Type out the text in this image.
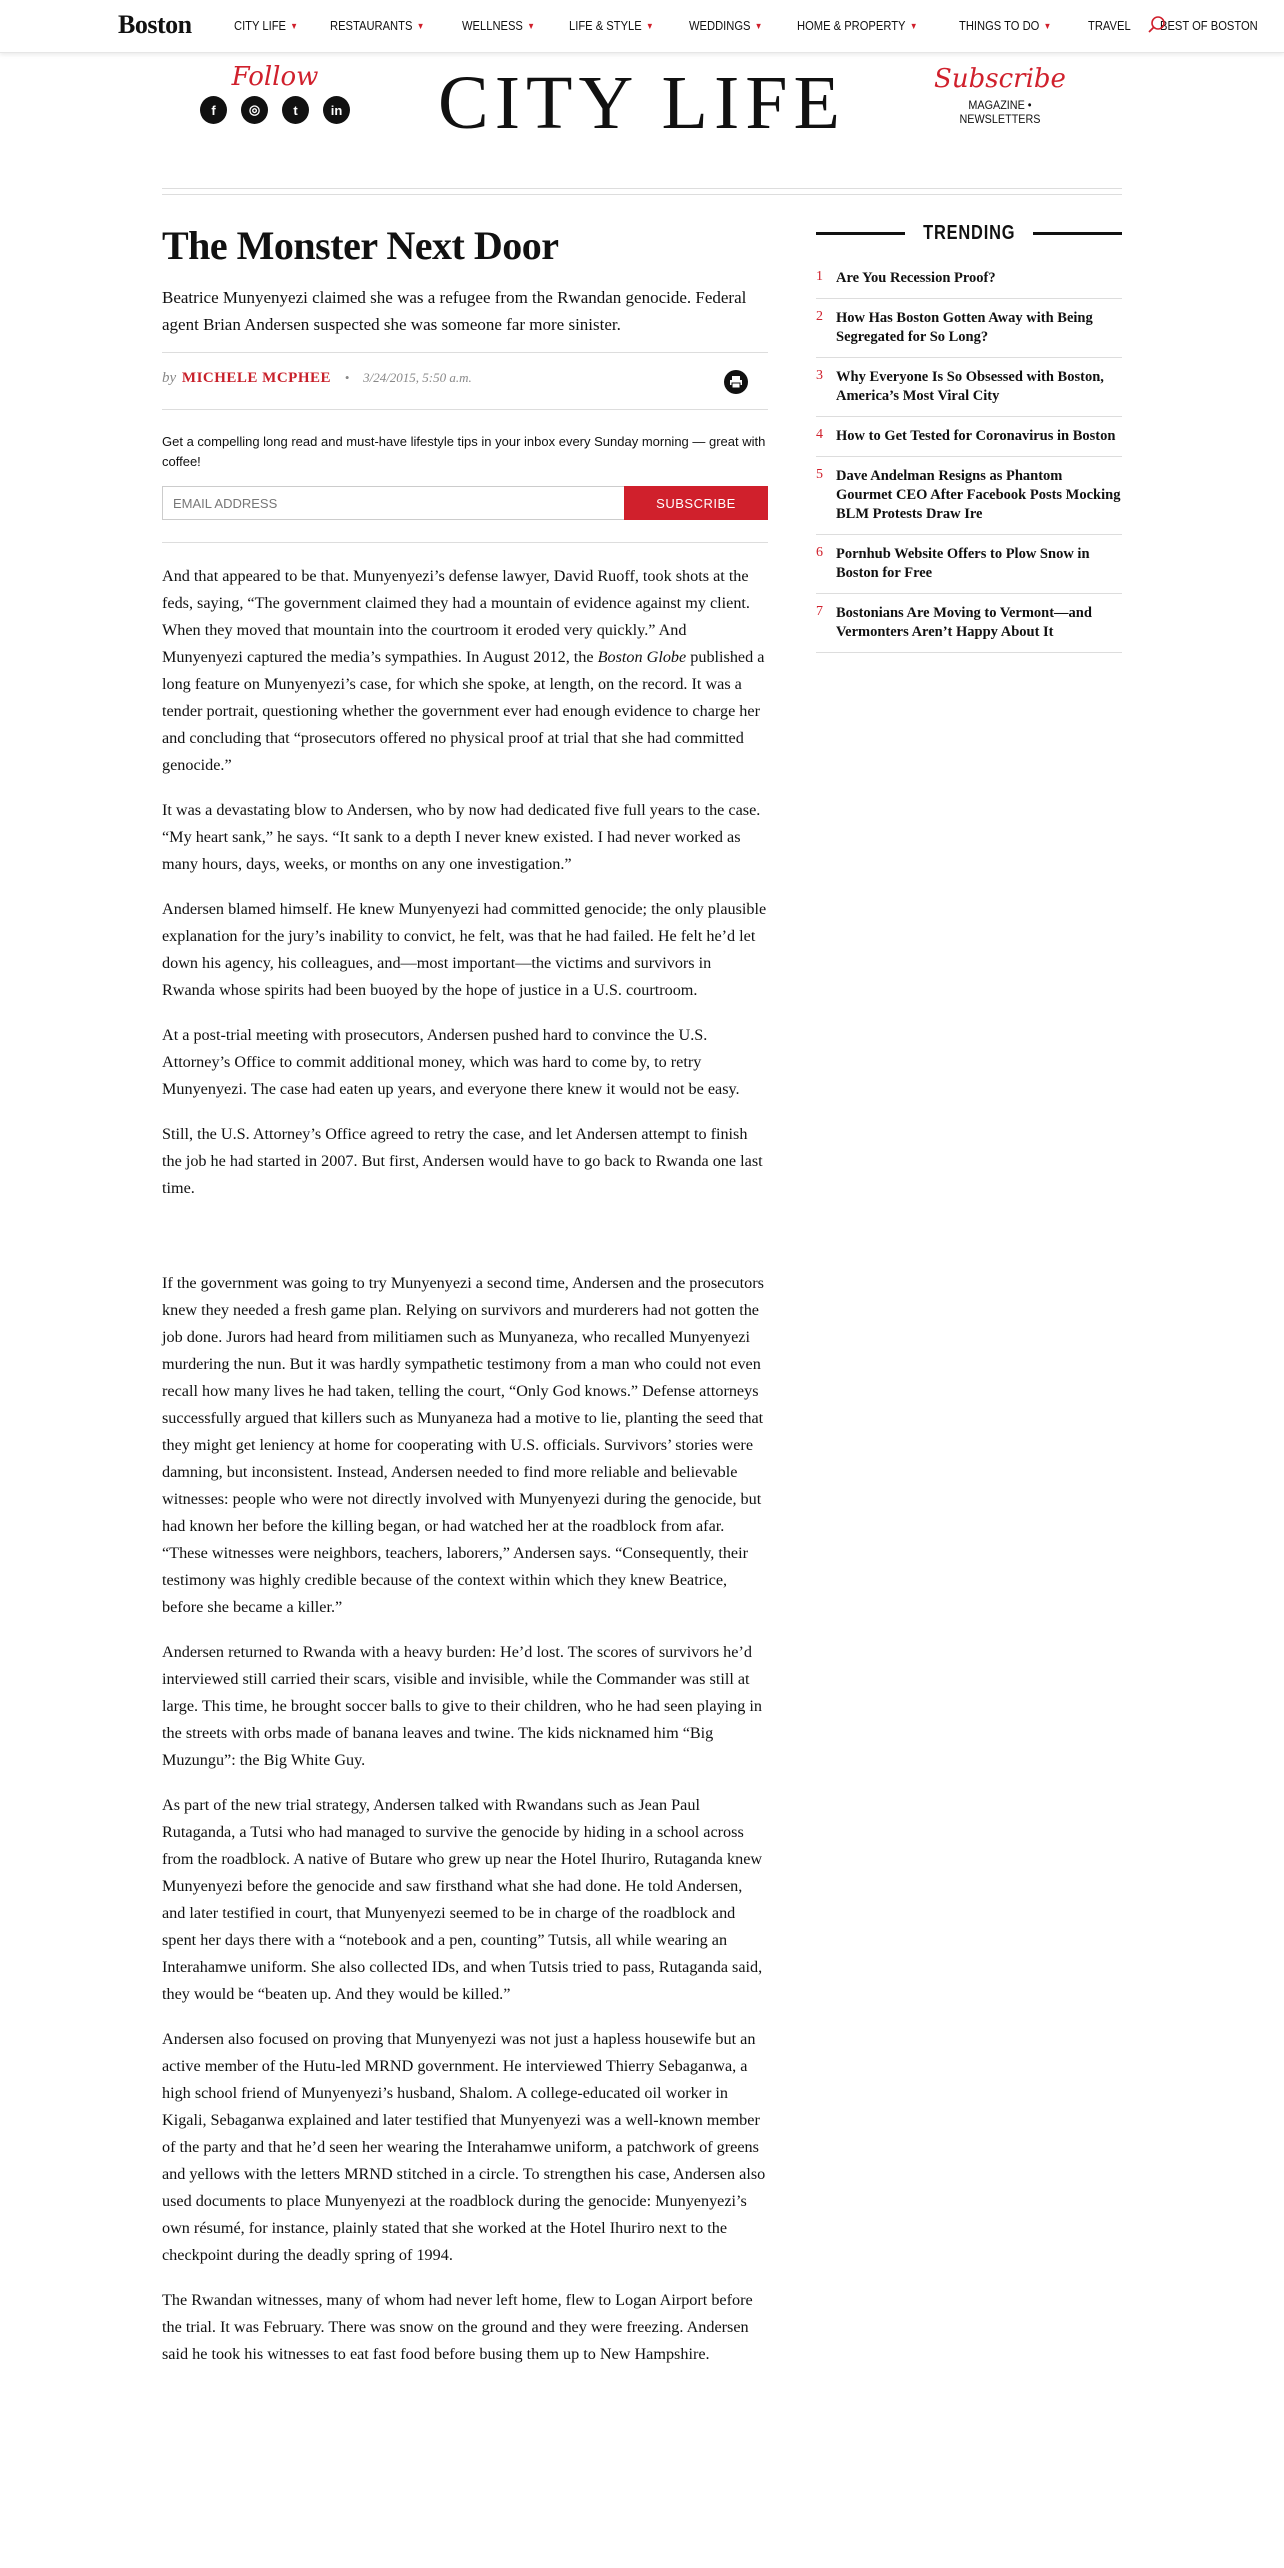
Boston	CITY LIFE ▼ RESTAURANTS ▼	WELLNESS ▼	LIFE & STYLE ▼	WEDDINGS ▼	HOME & PROPERTY ▼	THINGS TO DO ▼	TRAVEL BEST OF BOSTON
Follow
f	◎	t	in CITY LIFE	Subscribe
MAGAZINE • NEWSLETTERS
The Monster Next Door
Beatrice Munyenyezi claimed she was a refugee from the Rwandan genocide. Federal agent Brian Andersen suspected she was someone far more sinister.
by MICHELE MCPHEE • 3/24/2015, 5:50 a.m.
Get a compelling long read and must-have lifestyle tips in your inbox every Sunday morning — great with coffee!
EMAIL ADDRESS
SUBSCRIBE

And that appeared to be that. Munyenyezi’s defense lawyer, David Ruoff, took shots at the feds, saying, “The government claimed they had a mountain of evidence against my client. When they moved that mountain into the courtroom it eroded very quickly.” And Munyenyezi captured the media’s sympathies. In August 2012, the Boston Globe published a long feature on Munyenyezi’s case, for which she spoke, at length, on the record. It was a tender portrait, questioning whether the government ever had enough evidence to charge her and concluding that “prosecutors offered no physical proof at trial that she had committed genocide.”

It was a devastating blow to Andersen, who by now had dedicated five full years to the case. “My heart sank,” he says. “It sank to a depth I never knew existed. I had never worked as many hours, days, weeks, or months on any one investigation.”

Andersen blamed himself. He knew Munyenyezi had committed genocide; the only plausible explanation for the jury’s inability to convict, he felt, was that he had failed. He felt he’d let down his agency, his colleagues, and—most important—the victims and survivors in Rwanda whose spirits had been buoyed by the hope of justice in a U.S. courtroom.

At a post-trial meeting with prosecutors, Andersen pushed hard to convince the U.S. Attorney’s Office to commit additional money, which was hard to come by, to retry Munyenyezi. The case had eaten up years, and everyone there knew it would not be easy.

Still, the U.S. Attorney’s Office agreed to retry the case, and let Andersen attempt to finish the job he had started in 2007. But first, Andersen would have to go back to Rwanda one last time.

If the government was going to try Munyenyezi a second time, Andersen and the prosecutors knew they needed a fresh game plan. Relying on survivors and murderers had not gotten the job done. Jurors had heard from militiamen such as Munyaneza, who recalled Munyenyezi murdering the nun. But it was hardly sympathetic testimony from a man who could not even recall how many lives he had taken, telling the court, “Only God knows.” Defense attorneys successfully argued that killers such as Munyaneza had a motive to lie, planting the seed that they might get leniency at home for cooperating with U.S. officials. Survivors’ stories were damning, but inconsistent. Instead, Andersen needed to find more reliable and believable witnesses: people who were not directly involved with Munyenyezi during the genocide, but had known her before the killing began, or had watched her at the roadblock from afar. “These witnesses were neighbors, teachers, laborers,” Andersen says. “Consequently, their testimony was highly credible because of the context within which they knew Beatrice, before she became a killer.”

Andersen returned to Rwanda with a heavy burden: He’d lost. The scores of survivors he’d interviewed still carried their scars, visible and invisible, while the Commander was still at large. This time, he brought soccer balls to give to their children, who he had seen playing in the streets with orbs made of banana leaves and twine. The kids nicknamed him “Big Muzungu”: the Big White Guy.

As part of the new trial strategy, Andersen talked with Rwandans such as Jean Paul Rutaganda, a Tutsi who had managed to survive the genocide by hiding in a school across from the roadblock. A native of Butare who grew up near the Hotel Ihuriro, Rutaganda knew Munyenyezi before the genocide and saw firsthand what she had done. He told Andersen, and later testified in court, that Munyenyezi seemed to be in charge of the roadblock and spent her days there with a “notebook and a pen, counting” Tutsis, all while wearing an Interahamwe uniform. She also collected IDs, and when Tutsis tried to pass, Rutaganda said, they would be “beaten up. And they would be killed.”

Andersen also focused on proving that Munyenyezi was not just a hapless housewife but an active member of the Hutu-led MRND government. He interviewed Thierry Sebaganwa, a high school friend of Munyenyezi’s husband, Shalom. A college-educated oil worker in Kigali, Sebaganwa explained and later testified that Munyenyezi was a well-known member of the party and that he’d seen her wearing the Interahamwe uniform, a patchwork of greens and yellows with the letters MRND stitched in a circle. To strengthen his case, Andersen also used documents to place Munyenyezi at the roadblock during the genocide: Munyenyezi’s own résumé, for instance, plainly stated that she worked at the Hotel Ihuriro next to the checkpoint during the deadly spring of 1994.

The Rwandan witnesses, many of whom had never left home, flew to Logan Airport before the trial. It was February. There was snow on the ground and they were freezing. Andersen said he took his witnesses to eat fast food before busing them up to New Hampshire.

TRENDING
1 Are You Recession Proof?
2 How Has Boston Gotten Away with Being Segregated for So Long?
3 Why Everyone Is So Obsessed with Boston, America’s Most Viral City
4 How to Get Tested for Coronavirus in Boston
5 Dave Andelman Resigns as Phantom Gourmet CEO After Facebook Posts Mocking BLM Protests Draw Ire
6 Pornhub Website Offers to Plow Snow in Boston for Free
7 Bostonians Are Moving to Vermont—and Vermonters Aren’t Happy About It
